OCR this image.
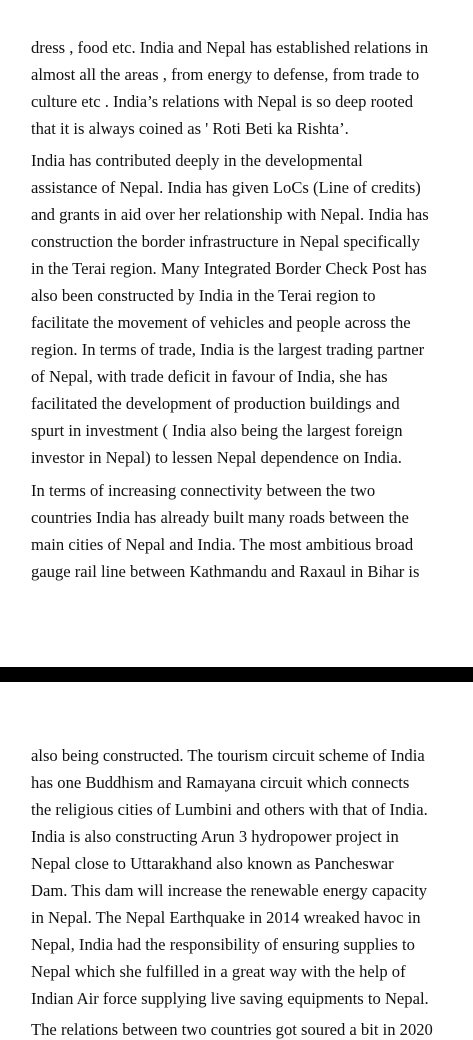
dress , food etc. India and Nepal has established relations in
almost all the areas , from energy to defense, from trade to
culture etc . India’s relations with Nepal is so deep rooted
that it is always coined as ' Roti Beti ka Rishta’.
India has contributed deeply in the developmental
assistance of Nepal. India has given LoCs (Line of credits)
and grants in aid over her relationship with Nepal. India has
construction the border infrastructure in Nepal specifically
in the Terai region. Many Integrated Border Check Post has
also been constructed by India in the Terai region to
facilitate the movement of vehicles and people across the
region. In terms of trade, India is the largest trading partner
of Nepal, with trade deficit in favour of India, she has
facilitated the development of production buildings and
spurt in investment ( India also being the largest foreign
investor in Nepal) to lessen Nepal dependence on India.
In terms of increasing connectivity between the two
countries India has already built many roads between the
main cities of Nepal and India. The most ambitious broad
gauge rail line between Kathmandu and Raxaul in Bihar is
also being constructed. The tourism circuit scheme of India
has one Buddhism and Ramayana circuit which connects
the religious cities of Lumbini and others with that of India.
India is also constructing Arun 3 hydropower project in
Nepal close to Uttarakhand also known as Pancheswar
Dam. This dam will increase the renewable energy capacity
in Nepal. The Nepal Earthquake in 2014 wreaked havoc in
Nepal, India had the responsibility of ensuring supplies to
Nepal which she fulfilled in a great way with the help of
Indian Air force supplying live saving equipments to Nepal.
The relations between two countries got soured a bit in 2020
